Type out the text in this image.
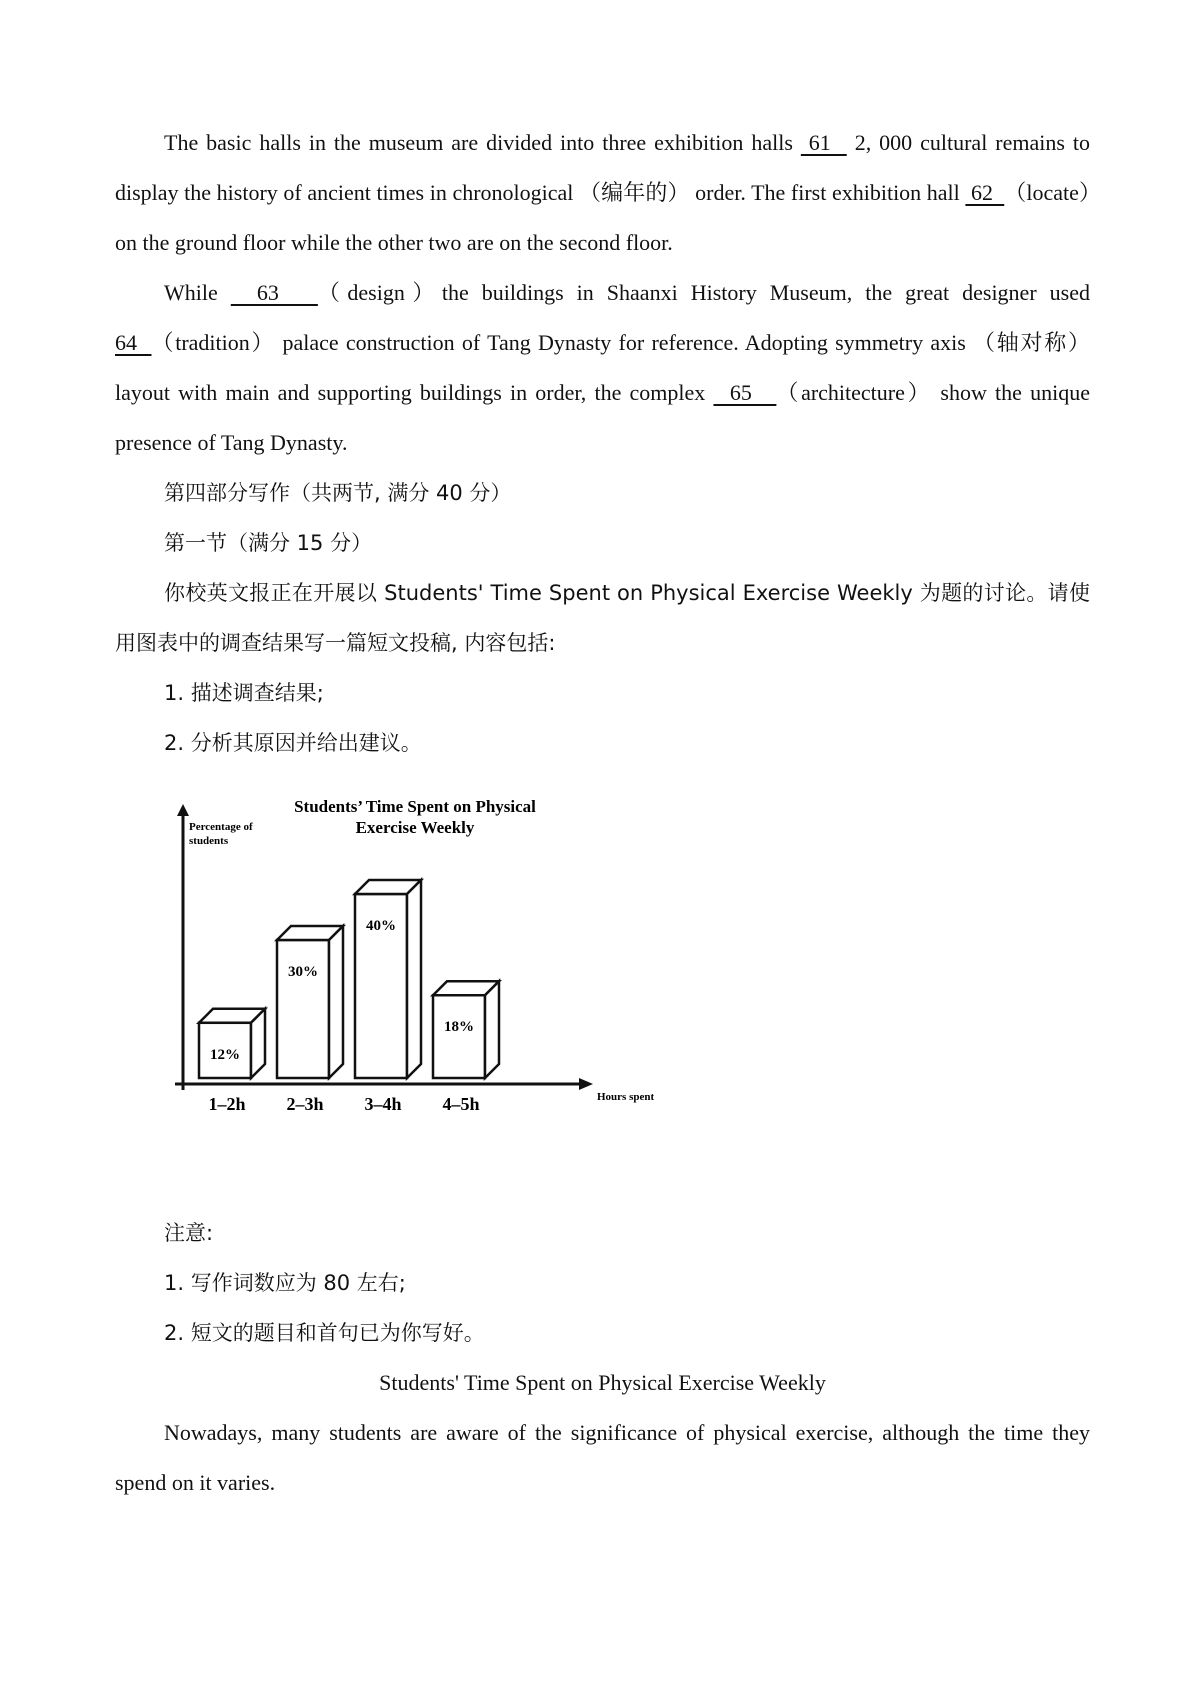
The basic halls in the museum are divided into three exhibition halls  61   2, 000 cultural remains to display the history of ancient times in chronological （编年的） order. The first exhibition hall  62  （locate）on the ground floor while the other two are on the second floor.

While   63   （design）the buildings in Shaanxi History Museum, the great designer used 64  （tradition） palace construction of Tang Dynasty for reference. Adopting symmetry axis （轴对称） layout with main and supporting buildings in order, the complex   65   （architecture） show the unique presence of Tang Dynasty.

第四部分写作（共两节, 满分 40 分）

第一节（满分 15 分）

你校英文报正在开展以 Students' Time Spent on Physical Exercise Weekly 为题的讨论。请使用图表中的调查结果写一篇短文投稿, 内容包括:

1. 描述调查结果;

2. 分析其原因并给出建议。

Students’ Time Spent on Physical
Exercise Weekly
Percentage of
students
Hours spent
12%
1–2h
30%
2–3h
40%
3–4h
18%
4–5h

注意:

1. 写作词数应为 80 左右;

2. 短文的题目和首句已为你写好。

Students' Time Spent on Physical Exercise Weekly

Nowadays, many students are aware of the significance of physical exercise, although the time they spend on it varies.
